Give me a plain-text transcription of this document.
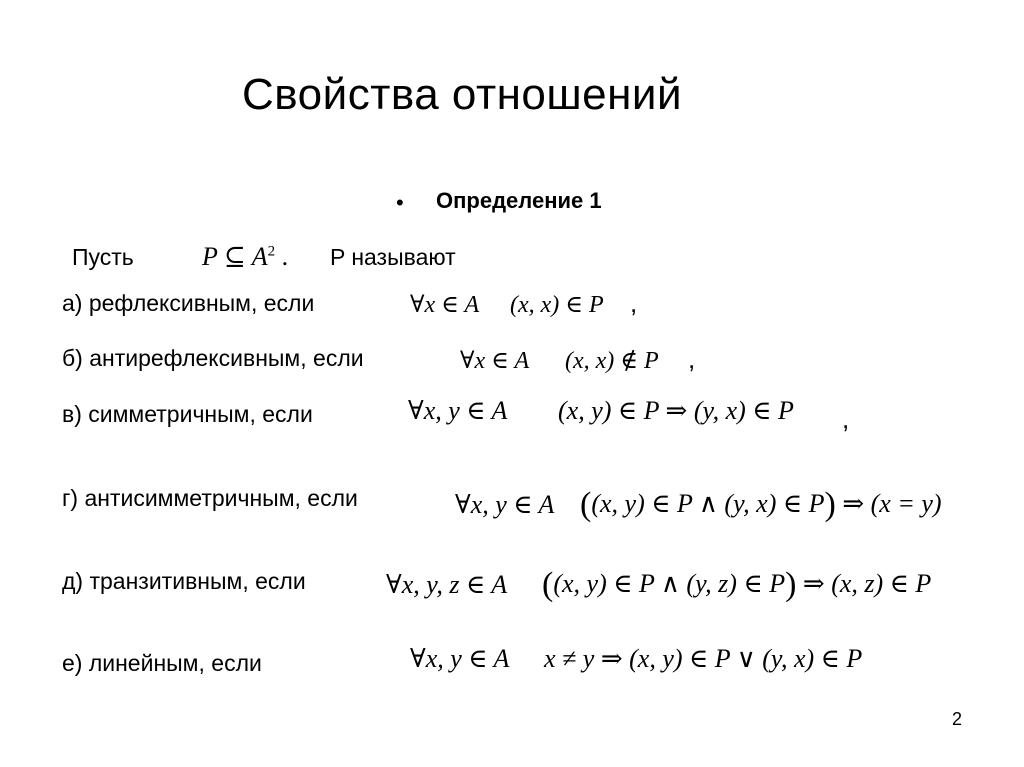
Свойства отношений
• Определение 1
Пусть	P ⊆ $A^2$ . P называют
а) рефлексивным, если	∀x ∈ A (x, x) ∈ P ,
б) антирефлексивным, если	∀x ∈ A (x, x) ∉ P ,
в) симметричным, если	∀x, y ∈ A (x, y) ∈ P ⇒ (y, x) ∈ P ,
г) антисимметричным, если	∀x, y ∈ A ((x, y) ∈ P ∧ (y, x) ∈ P) ⇒ (x = y)
д) транзитивным, если	∀x, y, z ∈ A ((x, y) ∈ P ∧ (y, z) ∈ P) ⇒ (x, z) ∈ P
е) линейным, если	∀x, y ∈ A x ≠ y ⇒ (x, y) ∈ P ∨ (y, x) ∈ P
2
